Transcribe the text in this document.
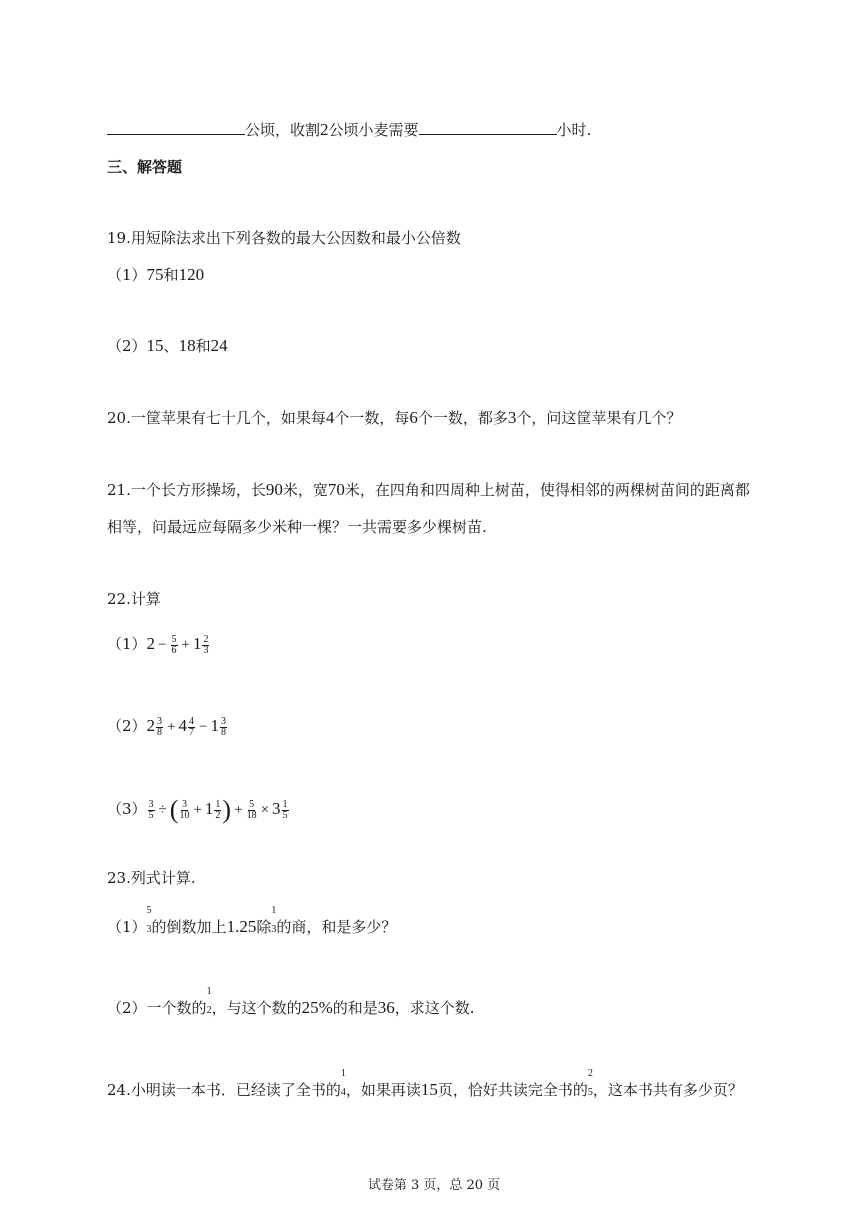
公顷，收割2公顷小麦需要	小时.
三、解答题
19.用短除法求出下列各数的最大公因数和最小公倍数
（1）75和120
（2）15、18和24
20.一筐苹果有七十几个，如果每4个一数，每6个一数，都多3个，问这筐苹果有几个？
21.一个长方形操场，长90米，宽70米，在四角和四周种上树苗，使得相邻的两棵树苗间的距离都
相等，问最远应每隔多少米种一棵？一共需要多少棵树苗.
22.计算
$(1)2 - \frac{5}{6} + 1 \frac{2}{3}$
$(2)2 \frac{3}{8} + 4 \frac{4}{7} - 1 \frac{3}{8}$
$(3) \frac{3}{5}$ ÷ ( $\frac{3}{10} + 1 \frac{1}{2}$ ) + $\frac{5}{18} \times 3 \frac{1}{5}$
23.列式计算.
（1）
5
3的倒数加上1.25除
1
3的商，和是多少？
（2）一个数的
1
2，与这个数的25%的和是36，求这个数.
24.小明读一本书．已经读了全书的
1
4，如果再读15页，恰好共读完全书的
2
5，这本书共有多少页？
试卷第 3 页，总 20 页
